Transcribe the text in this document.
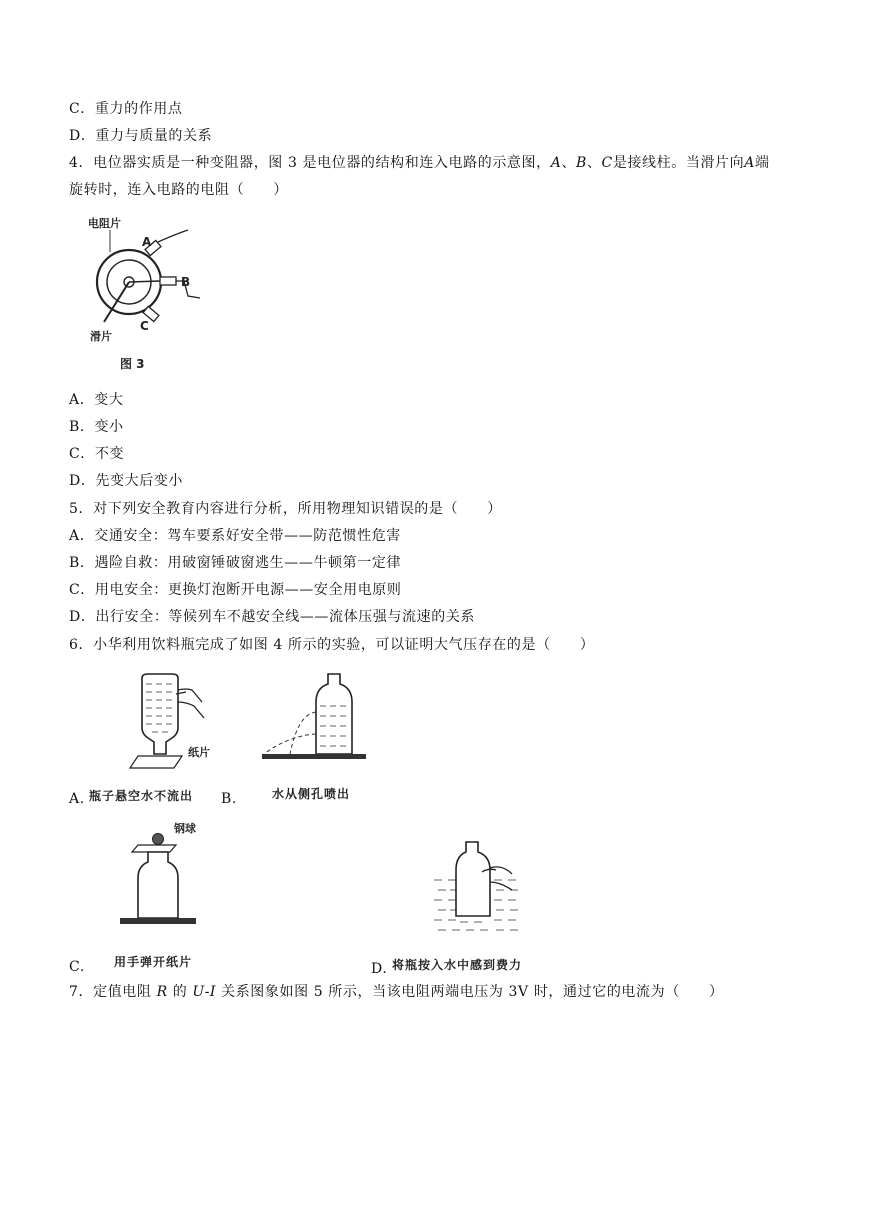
C．重力的作用点
D．重力与质量的关系
4．电位器实质是一种变阻器，图 3 是电位器的结构和连入电路的示意图，A、B、C是接线柱。当滑片向A端
旋转时，连入电路的电阻（　　）
电阻片
A
B
C
滑片
图 3
A．变大
B．变小
C．不变
D．先变大后变小
5．对下列安全教育内容进行分析，所用物理知识错误的是（　　）
A．交通安全：驾车要系好安全带——防范惯性危害
B．遇险自救：用破窗锤破窗逃生——牛顿第一定律
C．用电安全：更换灯泡断开电源——安全用电原则
D．出行安全：等候列车不越安全线——流体压强与流速的关系
6．小华利用饮料瓶完成了如图 4 所示的实验，可以证明大气压存在的是（　　）
纸片
A. 瓶子悬空水不流出 B.	水从侧孔喷出
钢球
C. 用手弹开纸片	D. 将瓶按入水中感到费力
7．定值电阻 R 的 U-I 关系图象如图 5 所示，当该电阻两端电压为 3V 时，通过它的电流为（　　）
